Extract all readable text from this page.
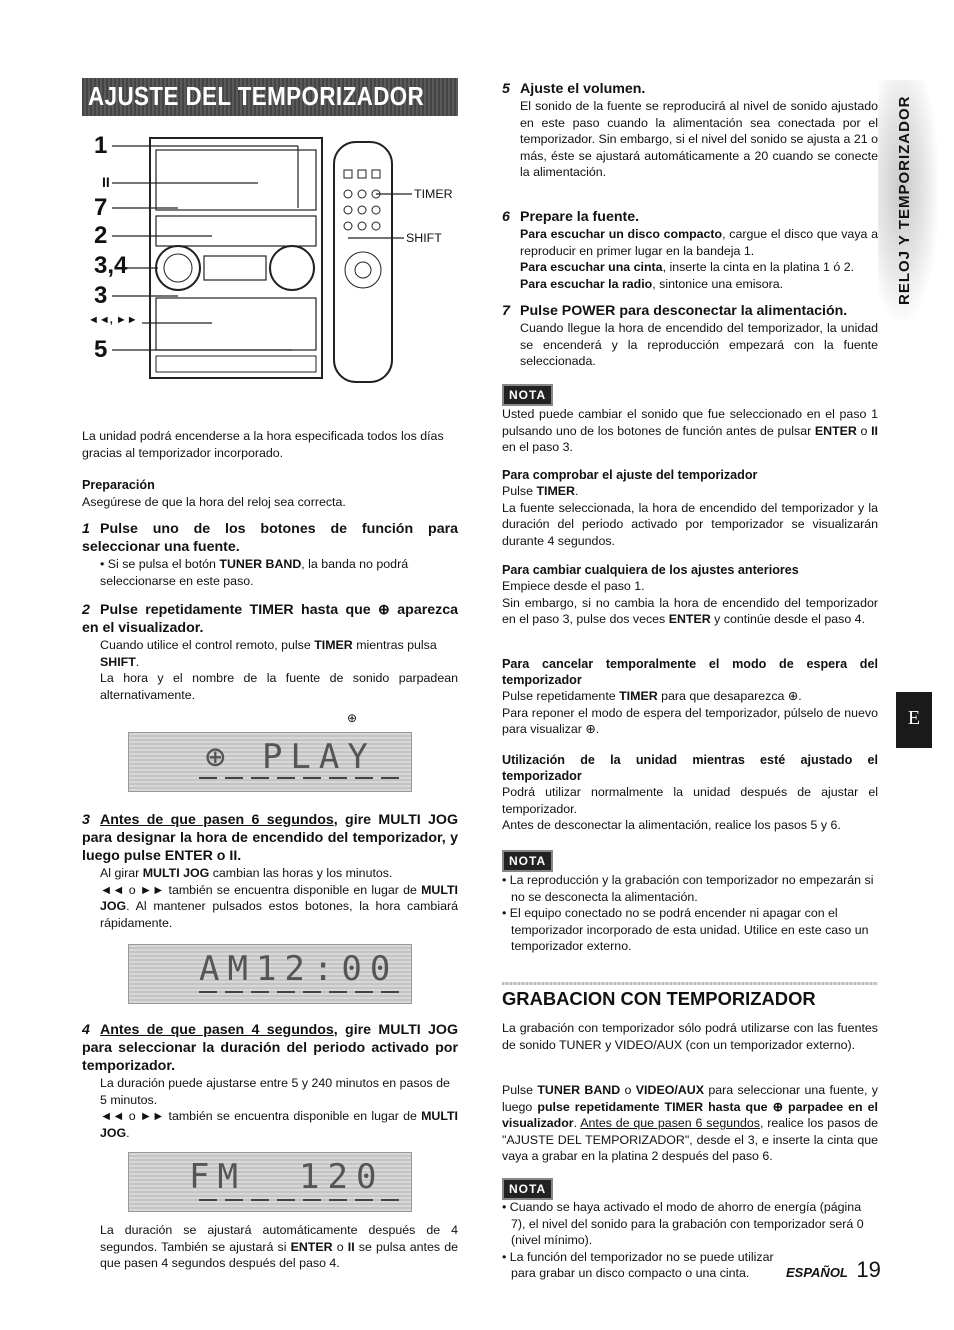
AJUSTE DEL TEMPORIZADOR
1
II
7
2
3,4
3
◄◄, ►►
5
TIMER
SHIFT

La unidad podrá encenderse a la hora especificada todos los días gracias al temporizador incorporado.

Preparación

Asegúrese de que la hora del reloj sea correcta.

1 Pulse uno de los botones de función para seleccionar una fuente.

• Si se pulsa el botón TUNER BAND, la banda no podrá seleccionarse en este paso.

2 Pulse repetidamente TIMER hasta que ⊕ aparezca en el visualizador.

Cuando utilice el control remoto, pulse TIMER mientras pulsa SHIFT.

La hora y el nombre de la fuente de sonido parpadean alternativamente.

⊕
⊕ PLAY

3 Antes de que pasen 6 segundos, gire MULTI JOG para designar la hora de encendido del temporizador, y luego pulse ENTER o II.

Al girar MULTI JOG cambian las horas y los minutos.

◄◄ o ►► también se encuentra disponible en lugar de MULTI JOG. Al mantener pulsados estos botones, la hora cambiará rápidamente.

AM12:00

4 Antes de que pasen 4 segundos, gire MULTI JOG para seleccionar la duración del periodo activado por temporizador.

La duración puede ajustarse entre 5 y 240 minutos en pasos de 5 minutos.

◄◄ o ►► también se encuentra disponible en lugar de MULTI JOG.

FM 120

La duración se ajustará automáticamente después de 4 segundos. También se ajustará si ENTER o II se pulsa antes de que pasen 4 segundos después del paso 4.

5 Ajuste el volumen.

El sonido de la fuente se reproducirá al nivel de sonido ajustado en este paso cuando la alimentación sea conectada por el temporizador. Sin embargo, si el nivel del sonido se ajusta a 21 o más, éste se ajustará automáticamente a 20 cuando se conecte la alimentación.

6 Prepare la fuente.

Para escuchar un disco compacto, cargue el disco que vaya a reproducir en primer lugar en la bandeja 1.

Para escuchar una cinta, inserte la cinta en la platina 1 ó 2.

Para escuchar la radio, sintonice una emisora.

7 Pulse POWER para desconectar la alimentación.

Cuando llegue la hora de encendido del temporizador, la unidad se encenderá y la reproducción empezará con la fuente seleccionada.

NOTA

Usted puede cambiar el sonido que fue seleccionado en el paso 1 pulsando uno de los botones de función antes de pulsar ENTER o II en el paso 3.

Para comprobar el ajuste del temporizador

Pulse TIMER.

La fuente seleccionada, la hora de encendido del temporizador y la duración del periodo activado por temporizador se visualizarán durante 4 segundos.

Para cambiar cualquiera de los ajustes anteriores

Empiece desde el paso 1.

Sin embargo, si no cambia la hora de encendido del temporizador en el paso 3, pulse dos veces ENTER y continúe desde el paso 4.

Para cancelar temporalmente el modo de espera del temporizador

Pulse repetidamente TIMER para que desaparezca ⊕.

Para reponer el modo de espera del temporizador, púlselo de nuevo para visualizar ⊕.

Utilización de la unidad mientras esté ajustado el temporizador

Podrá utilizar normalmente la unidad después de ajustar el temporizador.

Antes de desconectar la alimentación, realice los pasos 5 y 6.

NOTA

• La reproducción y la grabación con temporizador no empezarán si no se desconecta la alimentación.

• El equipo conectado no se podrá encender ni apagar con el temporizador incorporado de esta unidad. Utilice en este caso un temporizador externo.

GRABACION CON TEMPORIZADOR

La grabación con temporizador sólo podrá utilizarse con las fuentes de sonido TUNER y VIDEO/AUX (con un temporizador externo).

Pulse TUNER BAND o VIDEO/AUX para seleccionar una fuente, y luego pulse repetidamente TIMER hasta que ⊕ parpadee en el visualizador. Antes de que pasen 6 segundos, realice los pasos de "AJUSTE DEL TEMPORIZADOR", desde el 3, e inserte la cinta que vaya a grabar en la platina 2 después del paso 6.

NOTA

• Cuando se haya activado el modo de ahorro de energía (página 7), el nivel del sonido para la grabación con temporizador será 0 (nivel mínimo).

• La función del temporizador no se puede utilizar para grabar un disco compacto o una cinta.	ESPAÑOL 19
RELOJ Y TEMPORIZADOR
E
